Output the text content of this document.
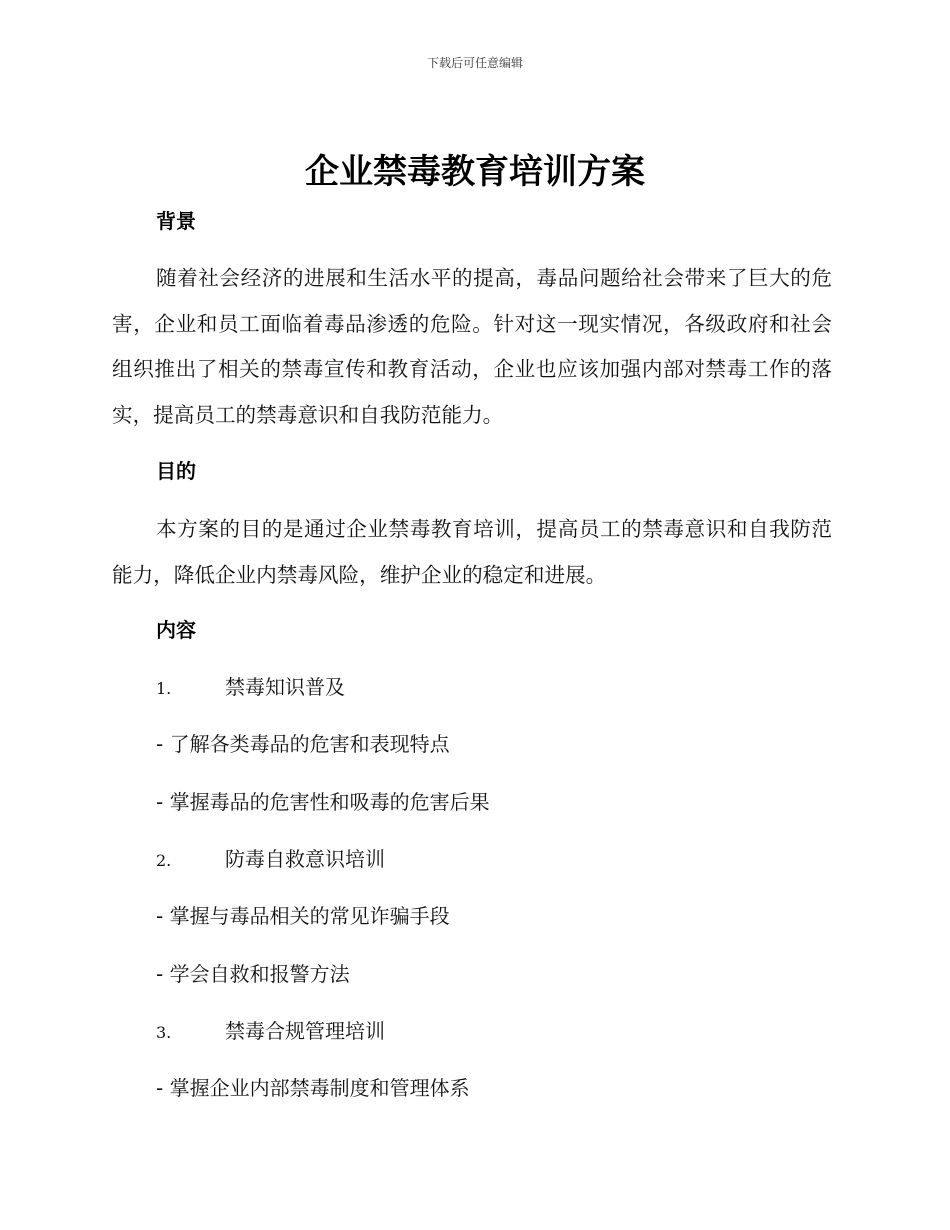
下载后可任意编辑
企业禁毒教育培训方案
背景

随着社会经济的进展和生活水平的提高，毒品问题给社会带来了巨大的危害，企业和员工面临着毒品渗透的危险。针对这一现实情况，各级政府和社会组织推出了相关的禁毒宣传和教育活动，企业也应该加强内部对禁毒工作的落实，提高员工的禁毒意识和自我防范能力。

目的

本方案的目的是通过企业禁毒教育培训，提高员工的禁毒意识和自我防范能力，降低企业内禁毒风险，维护企业的稳定和进展。

内容
1.	禁毒知识普及
- 了解各类毒品的危害和表现特点
- 掌握毒品的危害性和吸毒的危害后果
2.	防毒自救意识培训
- 掌握与毒品相关的常见诈骗手段
- 学会自救和报警方法
3.	禁毒合规管理培训
- 掌握企业内部禁毒制度和管理体系
